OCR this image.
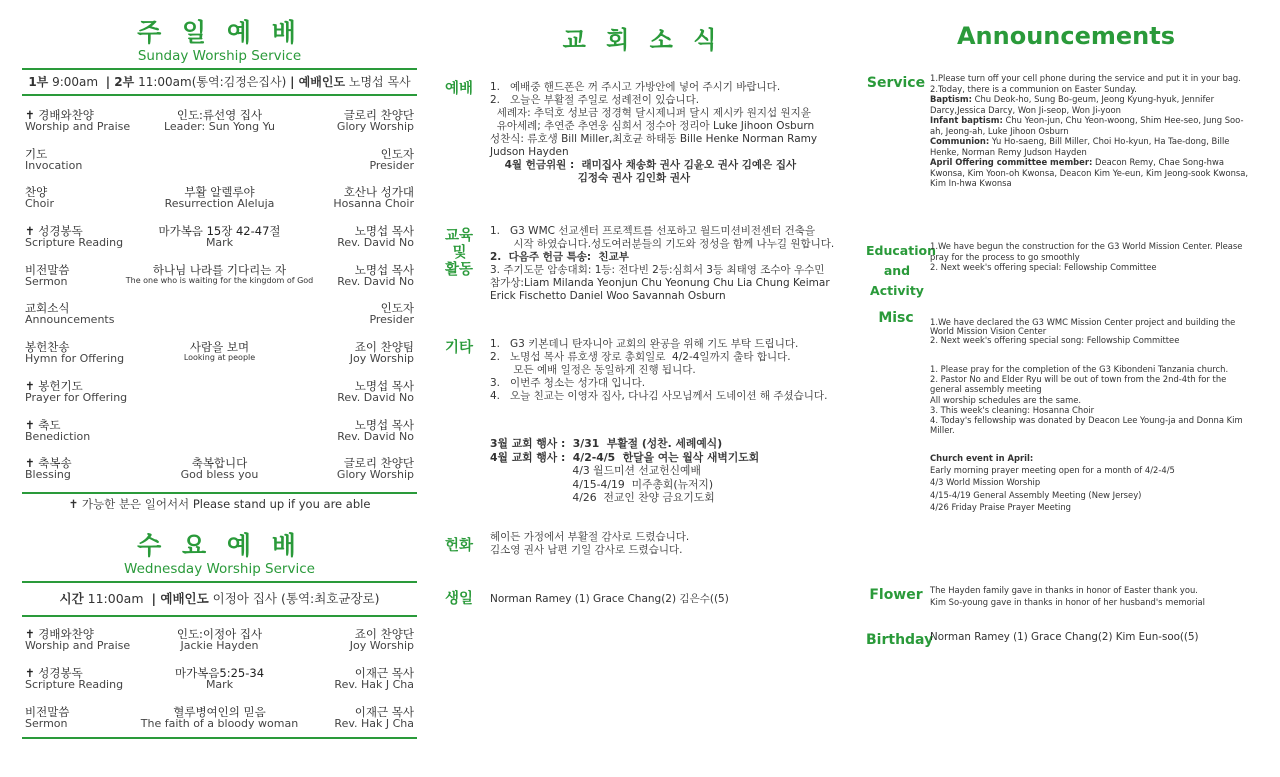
주 일 예 배
Sunday Worship Service
1부 9:00am | 2부 11:00am(통역:김정은집사) | 예배인도 노명섭 목사
✝ 경배와찬양
Worship and Praise
인도:류선영 집사
Leader: Sun Yong Yu
글로리 찬양단
Glory Worship
기도
Invocation
인도자
Presider
찬양
Choir
부활 알렐루야
Resurrection Aleluja
호산나 성가대
Hosanna Choir
✝ 성경봉독
Scripture Reading
마가복음 15장 42-47절
Mark
노명섭 목사
Rev. David No
비전말씀
Sermon
하나님 나라를 기다리는 자
The one who is waiting for the kingdom of God
노명섭 목사
Rev. David No
교회소식
Announcements
인도자
Presider
봉헌찬송
Hymn for Offering
사람을 보며
Looking at people
죠이 찬양팀
Joy Worship
✝ 봉헌기도
Prayer for Offering
노명섭 목사
Rev. David No
✝ 축도
Benediction
노명섭 목사
Rev. David No
✝ 축복송
Blessing
축복합니다
God bless you
글로리 찬양단
Glory Worship
✝ 가능한 분은 일어서서 Please stand up if you are able
수 요 예 배
Wednesday Worship Service
시간 11:00am | 예배인도 이정아 집사 (통역:최호균장로)
✝ 경배와찬양
Worship and Praise
인도:이정아 집사
Jackie Hayden
죠이 찬양단
Joy Worship
✝ 성경봉독
Scripture Reading
마가복음5:25-34
Mark
이재근 목사
Rev. Hak J Cha
비전말씀
Sermon
혈루병여인의 믿음
The faith of a bloody woman
이재근 목사
Rev. Hak J Cha
교 회 소 식
예배 1.   예배중 핸드폰은 꺼 주시고 가방안에 넣어 주시기 바랍니다.

2.   오늘은 부활절 주일로 성례전이 있습니다.

세례자: 추덕호 성보금 정경혁 달시제니퍼 달시 제시카 원지섭 원지윤

유아세례; 추연준 추연웅 심희서 정수아 정리아 Luke Jihoon Osburn

성찬식: 류호생 Bill Miller,최호균 하태동 Bille Henke Norman Ramy Judson Hayden

4월 헌금위원 :  래미집사 채송화 권사 김윤오 권사 김예은 집사

김정숙 권사 김인화 권사

교육
및
활동

1.   G3 WMC 선교센터 프로젝트를 선포하고 월드미션비전센터 건축을

시작 하였습니다.성도여러분들의 기도와 정성을 함께 나누길 원합니다.

2.  다음주 헌금 특송:  친교부

3. 주기도문 암송대회: 1등: 전다빈 2등:심희서 3등 최태영 조수아 우수민

참가상:Liam Milanda Yeonjun Chu Yeonung Chu Lia Chung Keimar Erick Fischetto Daniel Woo Savannah Osburn

기타 1.   G3 키본데니 탄자니아 교회의 완공을 위해 기도 부탁 드립니다.

2.   노명섭 목사 류호생 장로 총회일로  4/2-4일까지 출타 합니다.

모든 예배 일정은 동일하게 진행 됩니다.

3.   이번주 청소는 성가대 입니다.

4.   오늘 친교는 이영자 집사, 다나김 사모님께서 도네이션 해 주셨습니다.

3월 교회 행사 :  3/31  부활절 (성찬. 세례예식)

4월 교회 행사 :  4/2-4/5  한달을 여는 월삭 새벽기도회

4/3 월드미션 선교헌신예배

4/15-4/19  미주총회(뉴저지)

4/26  전교인 찬양 금요기도회

헌화

헤이든 가정에서 부활절 감사로 드렸습니다.

김소영 권사 남편 기일 감사로 드렸습니다.

생일 Norman Ramey (1) Grace Chang(2) 김은수((5)
Announcements
Service 1.Please turn off your cell phone during the service and put it in your bag.

2.Today, there is a communion on Easter Sunday.

Baptism: Chu Deok-ho, Sung Bo-geum, Jeong Kyung-hyuk, Jennifer Darcy,Jessica Darcy, Won Ji-seop, Won Ji-yoon

Infant baptism: Chu Yeon-jun, Chu Yeon-woong, Shim Hee-seo, Jung Soo-ah, Jeong-ah, Luke Jihoon Osburn

Communion: Yu Ho-saeng, Bill Miller, Choi Ho-kyun, Ha Tae-dong, Bille Henke, Norman Remy Judson Hayden

April Offering committee member: Deacon Remy, Chae Song-hwa Kwonsa, Kim Yoon-oh Kwonsa, Deacon Kim Ye-eun, Kim Jeong-sook Kwonsa, Kim In-hwa Kwonsa

Education
and
Activity

1.We have begun the construction for the G3 World Mission Center. Please pray for the process to go smoothly

2. Next week's offering special: Fellowship Committee

Misc	1.We have declared the G3 WMC Mission Center project and building the World Mission Vision Center

2. Next week's offering special song: Fellowship Committee

1. Please pray for the completion of the G3 Kibondeni Tanzania church.

2. Pastor No and Elder Ryu will be out of town from the 2nd-4th for the general assembly meeting

All worship schedules are the same.

3. This week's cleaning: Hosanna Choir

4. Today's fellowship was donated by Deacon Lee Young-ja and Donna Kim Miller.

Church event in April:

Early morning prayer meeting open for a month of 4/2-4/5

4/3 World Mission Worship

4/15-4/19 General Assembly Meeting (New Jersey)

4/26 Friday Praise Prayer Meeting

Flower The Hayden family gave in thanks in honor of Easter thank you.

Kim So-young gave in thanks in honor of her husband's memorial

Birthday
Norman Ramey (1) Grace Chang(2) Kim Eun-soo((5)
